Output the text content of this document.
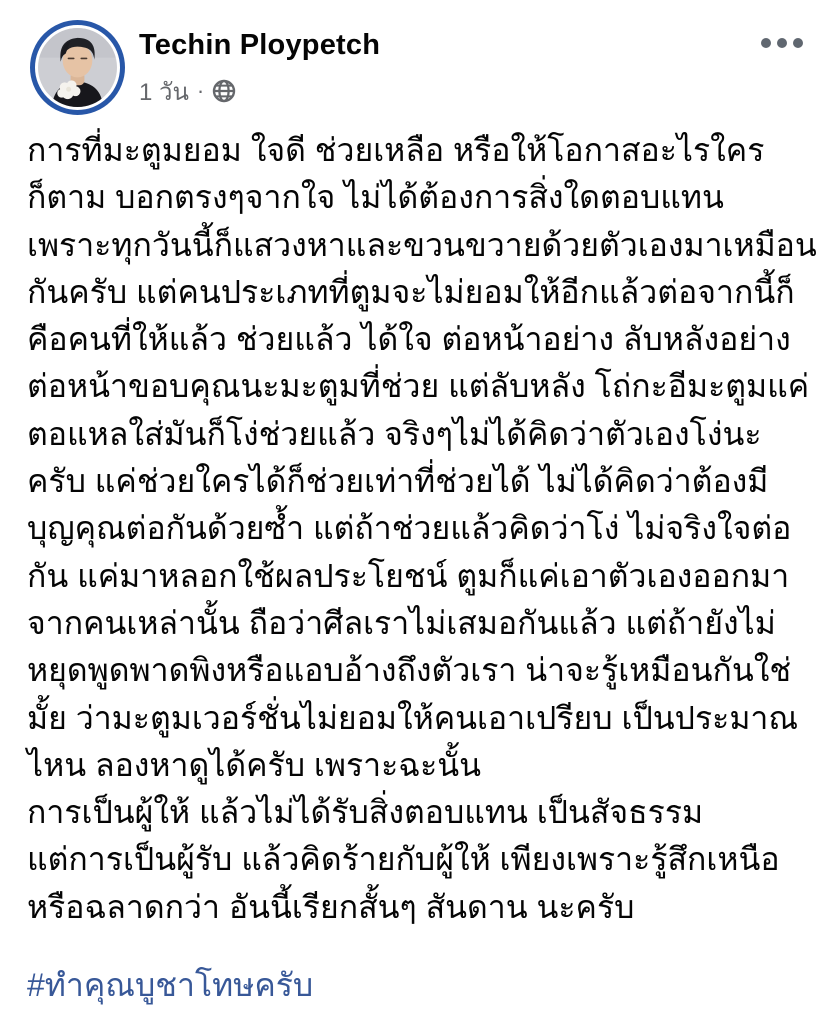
Techin Ploypetch
1 วัน ·
การที่มะตูมยอม ใจดี ช่วยเหลือ หรือให้โอกาสอะไรใคร
ก็ตาม บอกตรงๆจากใจ ไม่ได้ต้องการสิ่งใดตอบแทน
เพราะทุกวันนี้ก็แสวงหาและขวนขวายด้วยตัวเองมาเหมือน
กันครับ แต่คนประเภทที่ตูมจะไม่ยอมให้อีกแล้วต่อจากนี้ก็
คือคนที่ให้แล้ว ช่วยแล้ว ได้ใจ ต่อหน้าอย่าง ลับหลังอย่าง
ต่อหน้าขอบคุณนะมะตูมที่ช่วย แต่ลับหลัง โถ่กะอีมะตูมแค่
ตอแหลใส่มันก็โง่ช่วยแล้ว จริงๆไม่ได้คิดว่าตัวเองโง่นะ
ครับ แค่ช่วยใครได้ก็ช่วยเท่าที่ช่วยได้ ไม่ได้คิดว่าต้องมี
บุญคุณต่อกันด้วยซ้ำ แต่ถ้าช่วยแล้วคิดว่าโง่ ไม่จริงใจต่อ
กัน แค่มาหลอกใช้ผลประโยชน์ ตูมก็แค่เอาตัวเองออกมา
จากคนเหล่านั้น ถือว่าศีลเราไม่เสมอกันแล้ว แต่ถ้ายังไม่
หยุดพูดพาดพิงหรือแอบอ้างถึงตัวเรา น่าจะรู้เหมือนกันใช่
มั้ย ว่ามะตูมเวอร์ชั่นไม่ยอมให้คนเอาเปรียบ เป็นประมาณ
ไหน ลองหาดูได้ครับ เพราะฉะนั้น
การเป็นผู้ให้ แล้วไม่ได้รับสิ่งตอบแทน เป็นสัจธรรม
แต่การเป็นผู้รับ แล้วคิดร้ายกับผู้ให้ เพียงเพราะรู้สึกเหนือ
หรือฉลาดกว่า อันนี้เรียกสั้นๆ สันดาน นะครับ
#ทำคุณบูชาโทษครับ
